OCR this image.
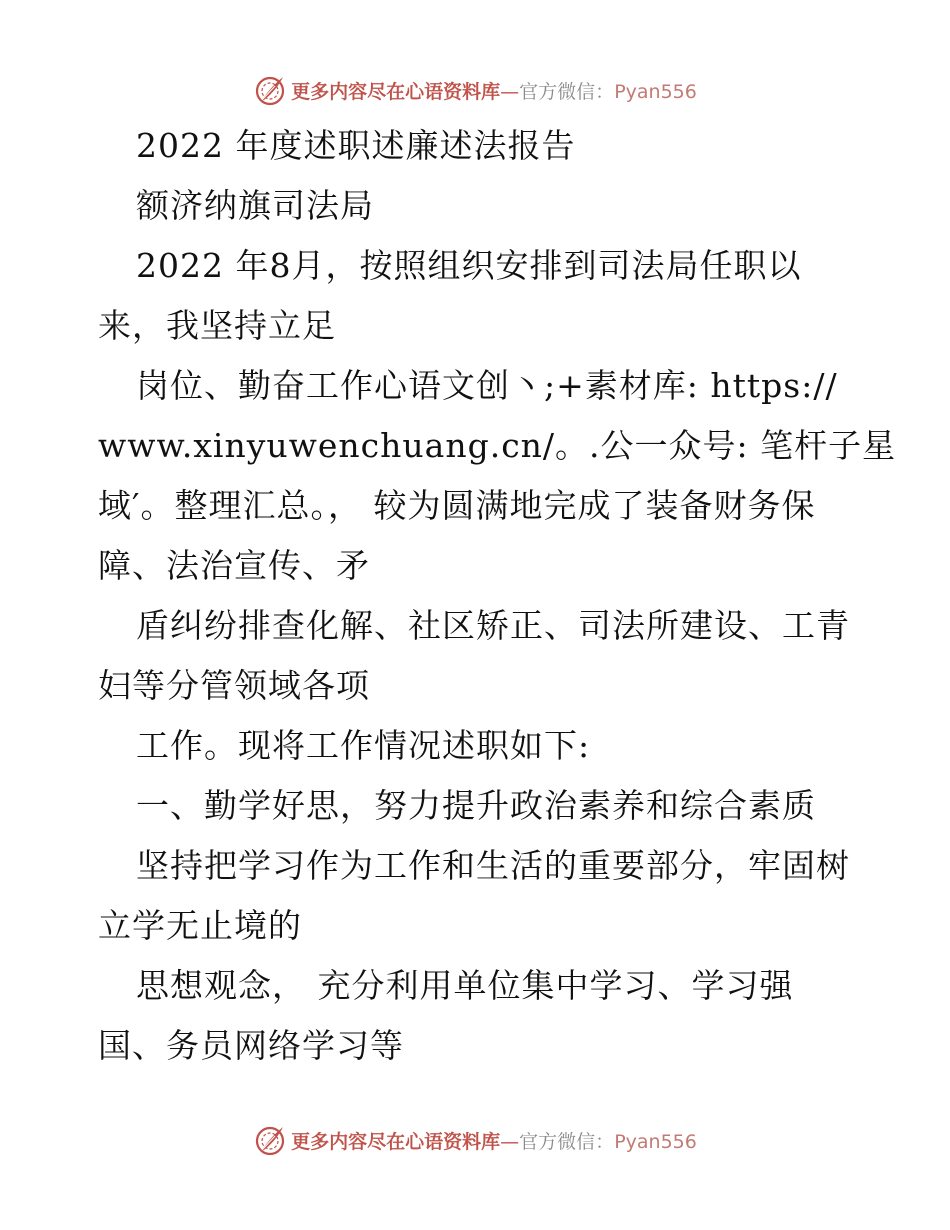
更多内容尽在心语资料库—官方微信：Pyan556
2022 年度述职述廉述法报告
额济纳旗司法局
2022 年8月，按照组织安排到司法局任职以
来，我坚持立足
岗位、勤奋工作心语文创丶;+素材库: https://
www.xinyuwenchuang.cn/。.公一众号: 笔杆子星
域′。整理汇总。， 较为圆满地完成了装备财务保
障、法治宣传、矛
盾纠纷排查化解、社区矫正、司法所建设、工青
妇等分管领域各项
工作。现将工作情况述职如下:
一、勤学好思，努力提升政治素养和综合素质
坚持把学习作为工作和生活的重要部分，牢固树
立学无止境的
思想观念， 充分利用单位集中学习、学习强
国、务员网络学习等
更多内容尽在心语资料库—官方微信：Pyan556
